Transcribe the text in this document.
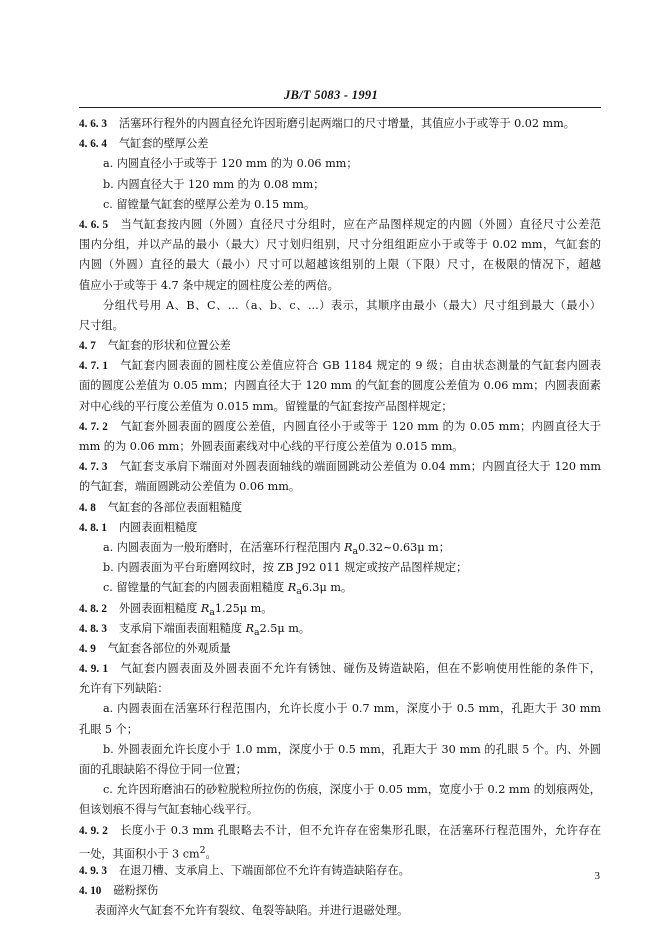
JB/T 5083 - 1991
4. 6. 3 活塞环行程外的内圆直径允许因珩磨引起两端口的尺寸增量，其值应小于或等于 0.02 mm。
4. 6. 4 气缸套的壁厚公差
a. 内圆直径小于或等于 120 mm 的为 0.06 mm；
b. 内圆直径大于 120 mm 的为 0.08 mm；
c. 留镗量气缸套的壁厚公差为 0.15 mm。
4. 6. 5 当气缸套按内圆（外圆）直径尺寸分组时，应在产品图样规定的内圆（外圆）直径尺寸公差范
围内分组，并以产品的最小（最大）尺寸划归组别，尺寸分组组距应小于或等于 0.02 mm，气缸套的
内圆（外圆）直径的最大（最小）尺寸可以超越该组别的上限（下限）尺寸，在极限的情况下，超越
值应小于或等于 4.7 条中规定的圆柱度公差的两倍。
分组代号用 A、B、C、...（a、b、c、...）表示，其顺序由最小（最大）尺寸组到最大（最小）
尺寸组。
4. 7 气缸套的形状和位置公差
4. 7. 1 气缸套内圆表面的圆柱度公差值应符合 GB 1184 规定的 9 级；自由状态测量的气缸套内圆表
面的圆度公差值为 0.05 mm；内圆直径大于 120 mm 的气缸套的圆度公差值为 0.06 mm；内圆表面素
对中心线的平行度公差值为 0.015 mm。留镗量的气缸套按产品图样规定；
4. 7. 2 气缸套外圆表面的圆度公差值，内圆直径小于或等于 120 mm 的为 0.05 mm；内圆直径大于
mm 的为 0.06 mm；外圆表面素线对中心线的平行度公差值为 0.015 mm。
4. 7. 3 气缸套支承肩下端面对外圆表面轴线的端面圆跳动公差值为 0.04 mm；内圆直径大于 120 mm
的气缸套，端面圆跳动公差值为 0.06 mm。
4. 8 气缸套的各部位表面粗糙度
4. 8. 1 内圆表面粗糙度
a. 内圆表面为一般珩磨时，在活塞环行程范围内 $R_a0.32\sim 0.63\mu$ m；
b. 内圆表面为平台珩磨网纹时，按 ZB J92 011 规定或按产品图样规定；
c. 留镗量的气缸套的内圆表面粗糙度 $R_a6.3\mu$ m。
4. 8. 2 外圆表面粗糙度 $R_a1.25\mu$ m。
4. 8. 3 支承肩下端面表面粗糙度 $R_a2.5\mu$ m。
4. 9 气缸套各部位的外观质量
4. 9. 1 气缸套内圆表面及外圆表面不允许有锈蚀、碰伤及铸造缺陷，但在不影响使用性能的条件下，
允许有下列缺陷：
a. 内圆表面在活塞环行程范围内，允许长度小于 0.7 mm，深度小于 0.5 mm，孔距大于 30 mm
孔眼 5 个；
b. 外圆表面允许长度小于 1.0 mm，深度小于 0.5 mm，孔距大于 30 mm 的孔眼 5 个。内、外圆
面的孔眼缺陷不得位于同一位置；
c. 允许因珩磨油石的砂粒脱粒所拉伤的伤痕，深度小于 0.05 mm，宽度小于 0.2 mm 的划痕两处，
但该划痕不得与气缸套轴心线平行。
4. 9. 2 长度小于 0.3 mm 孔眼略去不计，但不允许存在密集形孔眼，在活塞环行程范围外，允许存在
一处，其面积小于 3 $cm^2$。
4. 9. 3 在退刀槽、支承肩上、下端面部位不允许有铸造缺陷存在。
4. 10 磁粉探伤
表面淬火气缸套不允许有裂纹、龟裂等缺陷。并进行退磁处理。
3
